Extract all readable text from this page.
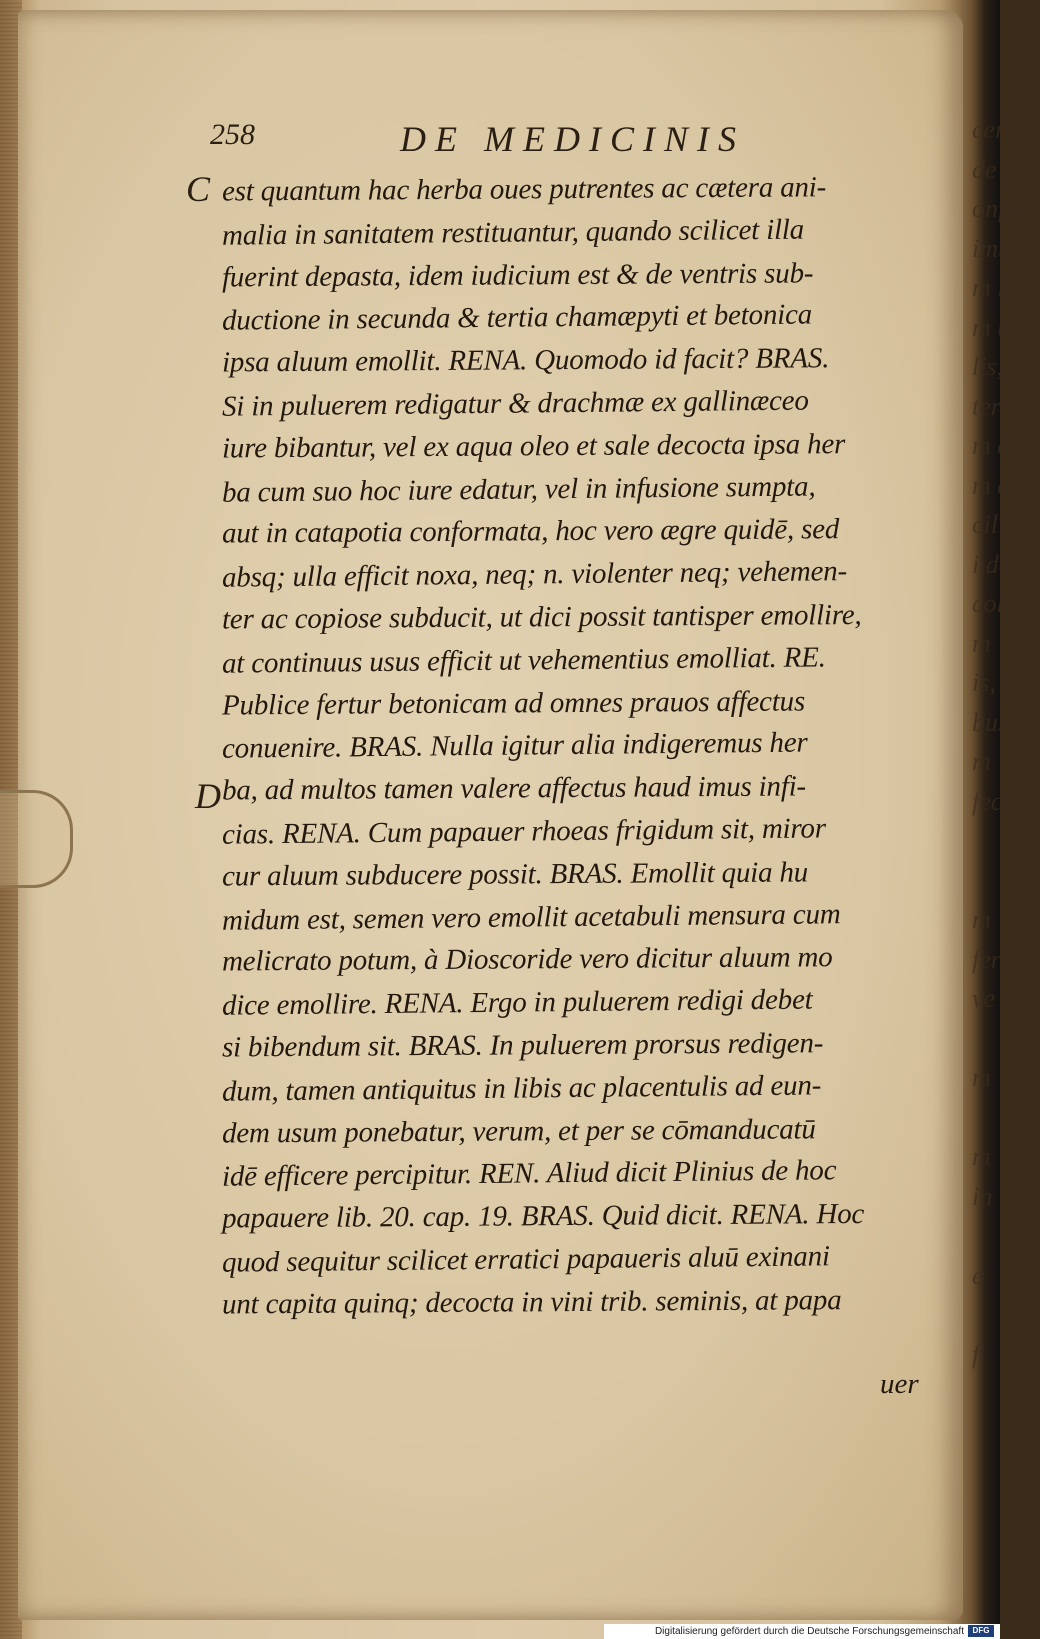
cera
de s
onfera
imus
m in
m u
lis, q
ter
m co
m du
cilis
i dec
colis
m
is, C
bus
m
fect

m
fer
ve

m

m
in

e

f
258	DE MEDICINIS
C
D
est quantum hac herba oues putrentes ac cætera ani-
malia in sanitatem restituantur, quando scilicet illa
fuerint depasta, idem iudicium est & de ventris sub-
ductione in secunda & tertia chamæpyti et betonica
ipsa aluum emollit. RENA. Quomodo id facit? BRAS.
Si in puluerem redigatur & drachmæ ex gallinæceo
iure bibantur, vel ex aqua oleo et sale decocta ipsa her
ba cum suo hoc iure edatur, vel in infusione sumpta,
aut in catapotia conformata, hoc vero ægre quidē, sed
absq; ulla efficit noxa, neq; n. violenter neq; vehemen-
ter ac copiose subducit, ut dici possit tantisper emollire,
at continuus usus efficit ut vehementius emolliat. RE.
Publice fertur betonicam ad omnes prauos affectus
conuenire. BRAS. Nulla igitur alia indigeremus her
ba, ad multos tamen valere affectus haud imus infi-
cias. RENA. Cum papauer rhoeas frigidum sit, miror
cur aluum subducere possit. BRAS. Emollit quia hu
midum est, semen vero emollit acetabuli mensura cum
melicrato potum, à Dioscoride vero dicitur aluum mo
dice emollire. RENA. Ergo in puluerem redigi debet
si bibendum sit. BRAS. In puluerem prorsus redigen-
dum, tamen antiquitus in libis ac placentulis ad eun-
dem usum ponebatur, verum, et per se cōmanducatū
idē efficere percipitur. REN. Aliud dicit Plinius de hoc
papauere lib. 20. cap. 19. BRAS. Quid dicit. RENA. Hoc
quod sequitur scilicet erratici papaueris aluū exinani
unt capita quinq; decocta in vini trib. seminis, at papa
uer
Digitalisierung gefördert durch die Deutsche Forschungsgemeinschaft	DFG
